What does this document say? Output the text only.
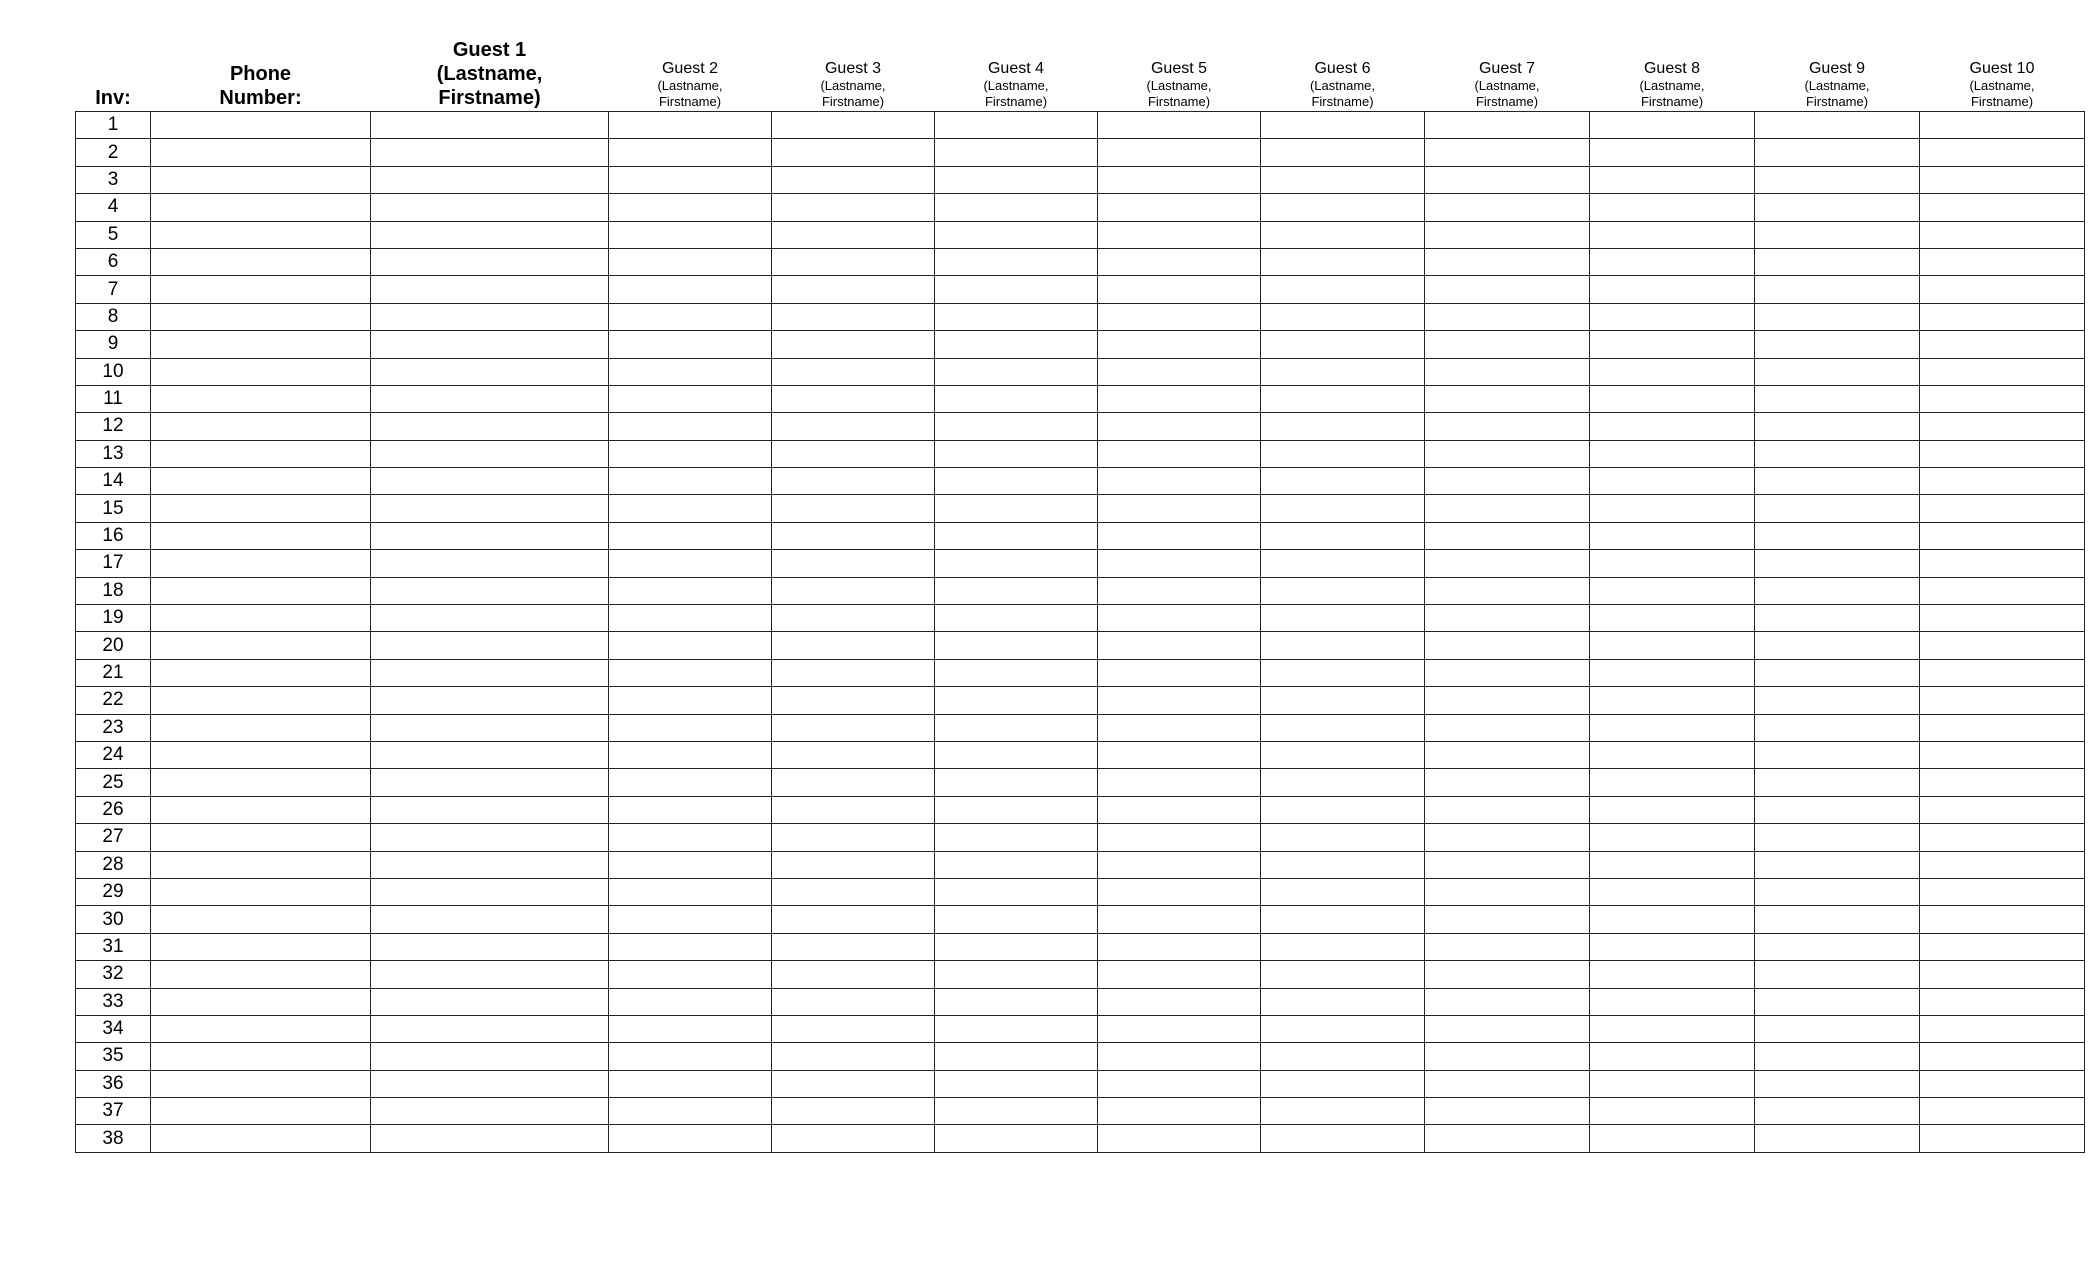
Inv:	Phone
Number:	Guest 1
(Lastname,
Firstname)	Guest 2
(Lastname,
Firstname)	Guest 3
(Lastname,
Firstname)	Guest 4
(Lastname,
Firstname)	Guest 5
(Lastname,
Firstname)	Guest 6
(Lastname,
Firstname)	Guest 7
(Lastname,
Firstname)	Guest 8
(Lastname,
Firstname)	Guest 9
(Lastname,
Firstname)	Guest 10
(Lastname,
Firstname)

1											
2											
3											
4											
5											
6											
7											
8											
9											
10											
11											
12											
13											
14											
15											
16											
17											
18											
19											
20											
21											
22											
23											
24											
25											
26											
27											
28											
29											
30											
31											
32											
33											
34											
35											
36											
37											
38											
